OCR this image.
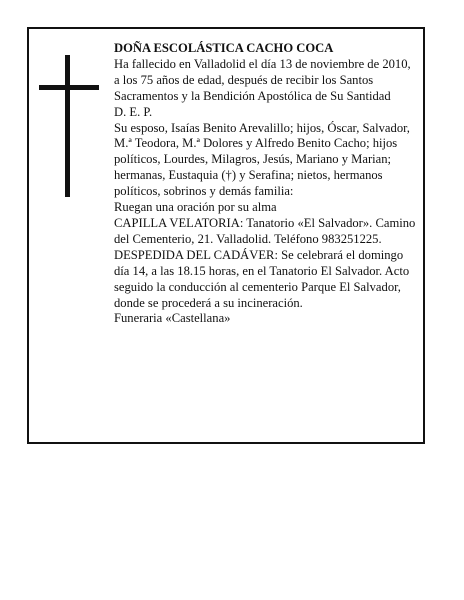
DOÑA ESCOLÁSTICA CACHO COCA

Ha fallecido en Valladolid el día 13 de noviembre de 2010, a los 75 años de edad, después de recibir los Santos Sacramentos y la Bendición Apostólica de Su Santidad

D. E. P.

Su esposo, Isaías Benito Arevalillo; hijos, Óscar, Salvador, M.ª Teodora, M.ª Dolores y Alfredo Benito Cacho; hijos políticos, Lourdes, Milagros, Jesús, Mariano y Marian; hermanas, Eustaquia (†) y Serafina; nietos, hermanos políticos, sobrinos y demás familia:

Ruegan una oración por su alma

CAPILLA VELATORIA: Tanatorio «El Salvador». Camino del Cementerio, 21. Valladolid. Teléfono 983251225.

DESPEDIDA DEL CADÁVER: Se celebrará el domingo día 14, a las 18.15 horas, en el Tanatorio El Salvador. Acto seguido la conducción al cementerio Parque El Salvador, donde se procederá a su incineración.

Funeraria «Castellana»
